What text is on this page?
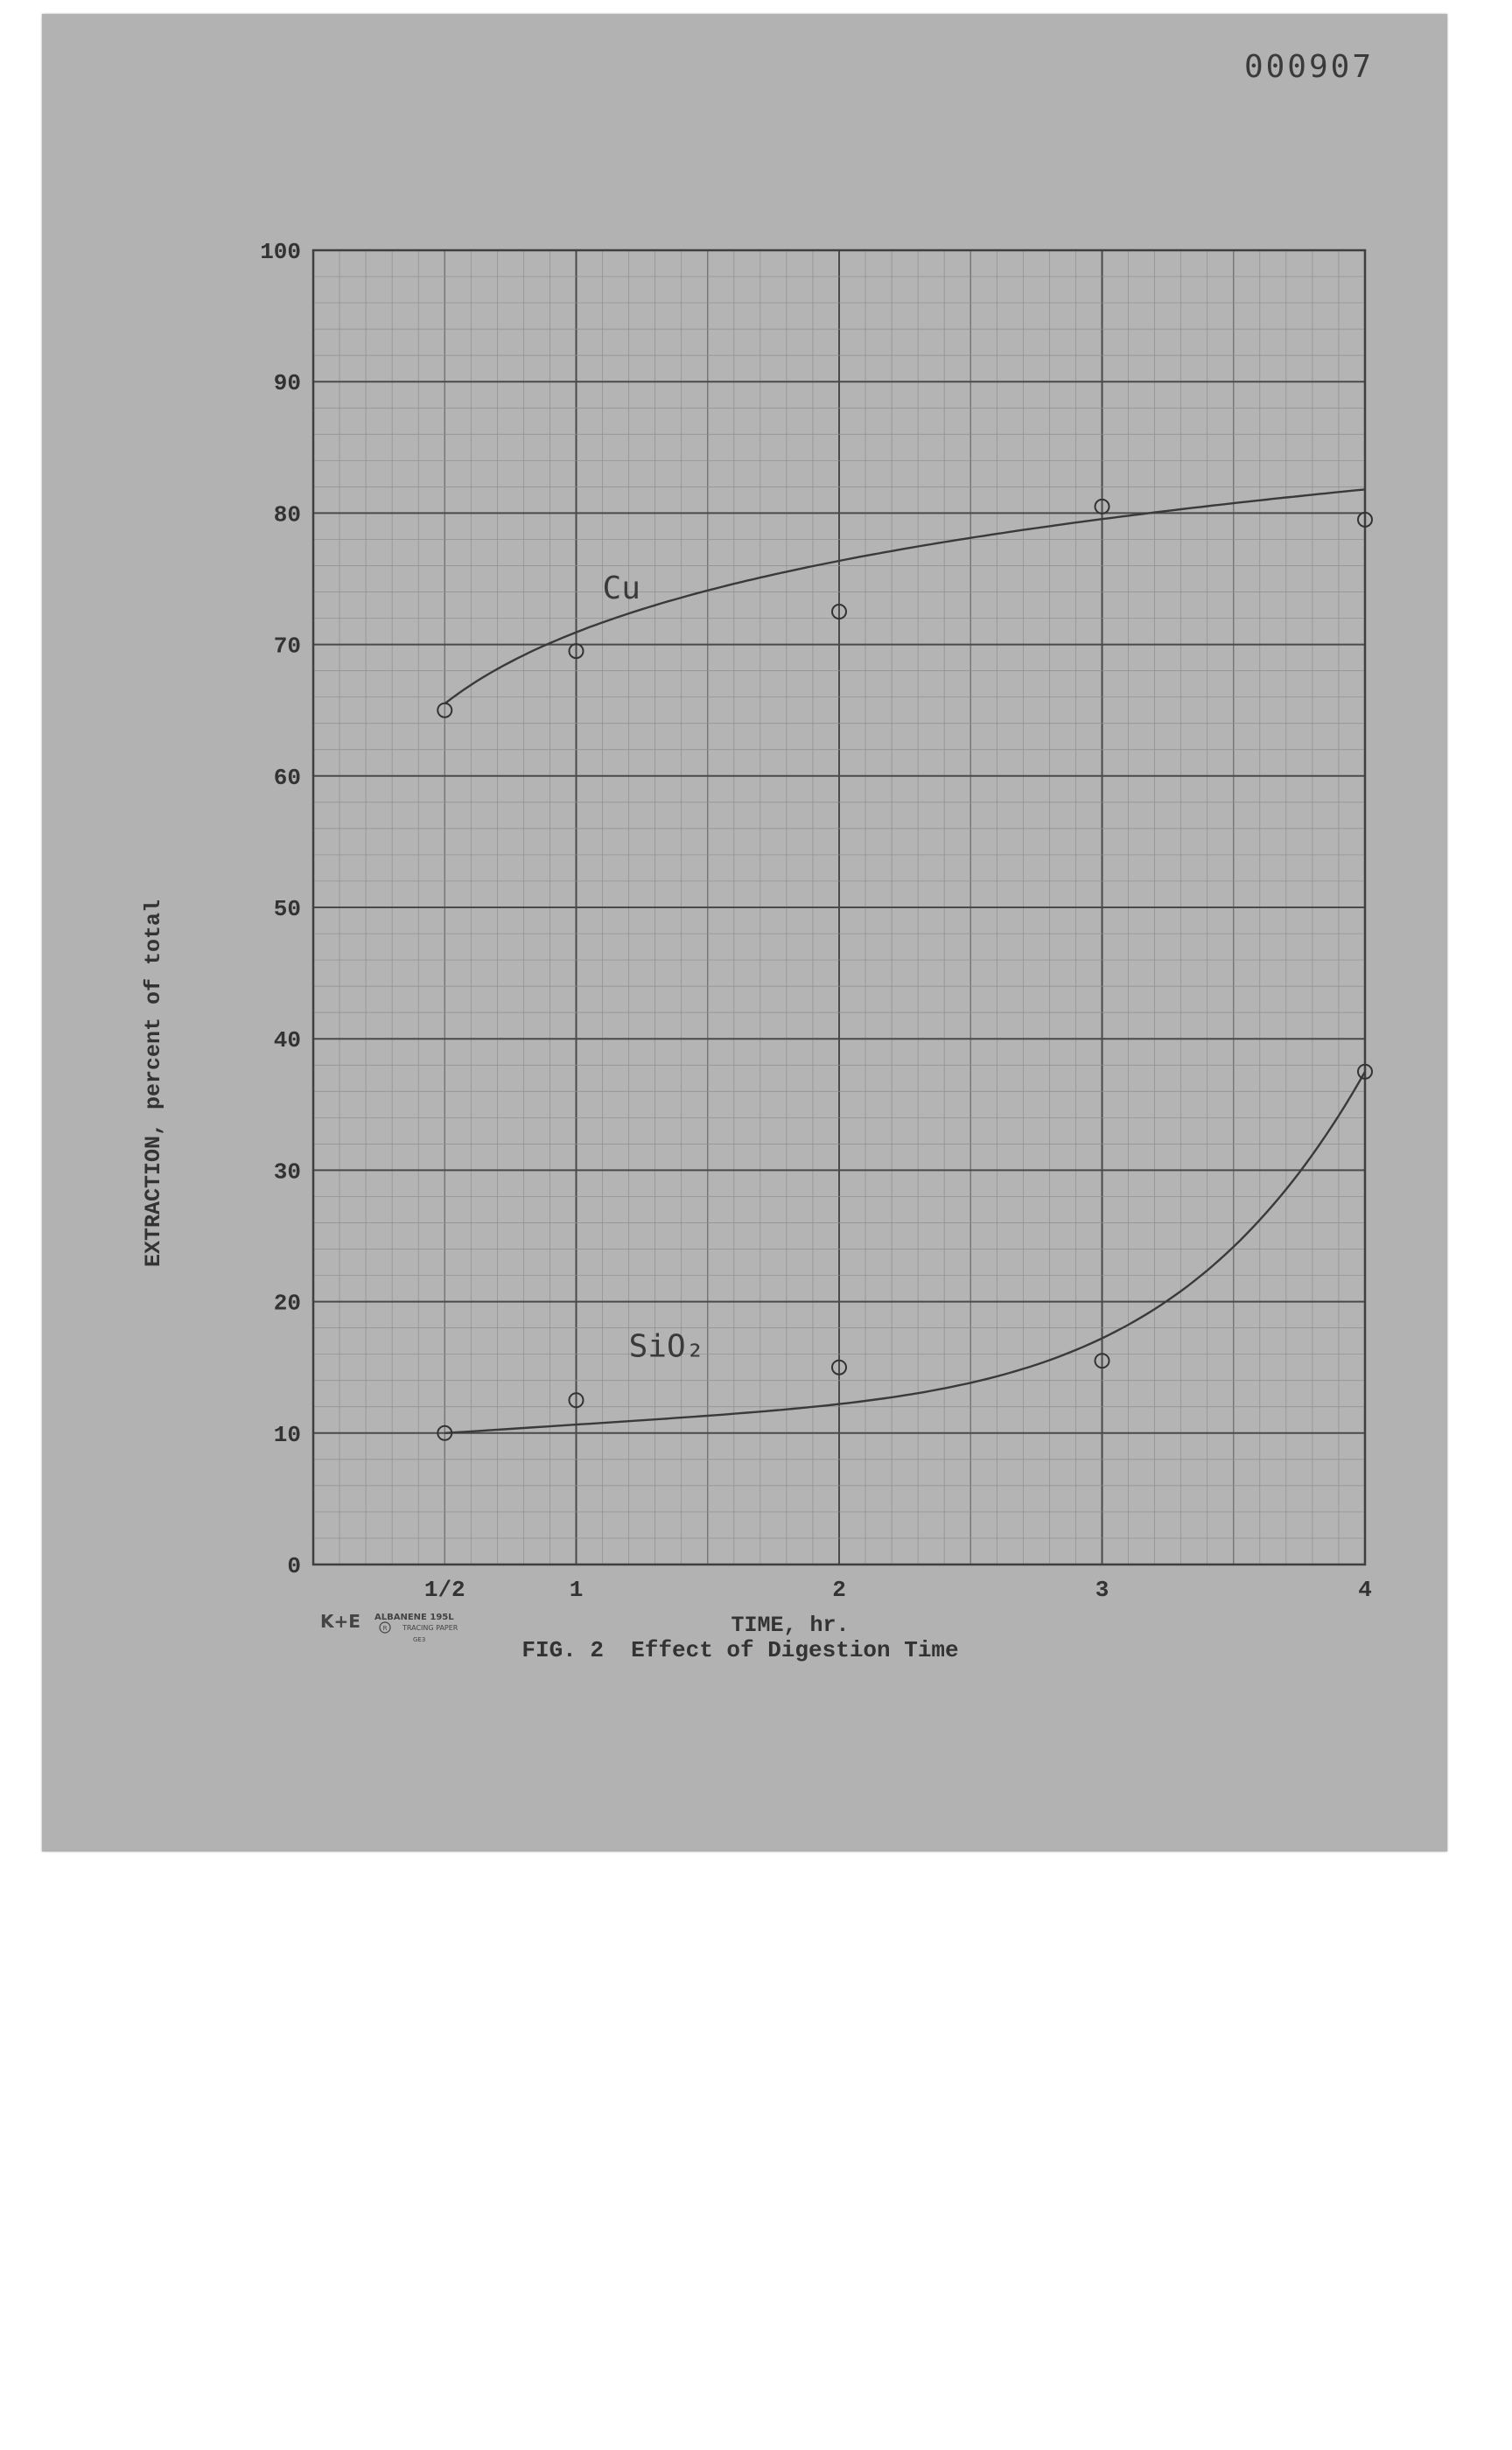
0
10
20
30
40
50
60
70
80
90
100
1/2	1	2	3	4
Cu
SiO₂
000907
EXTRACTION, percent of total
TIME, hr.
FIG. 2  Effect of Digestion Time
K+E ALBANENE 195L
R TRACING PAPER
GE3
